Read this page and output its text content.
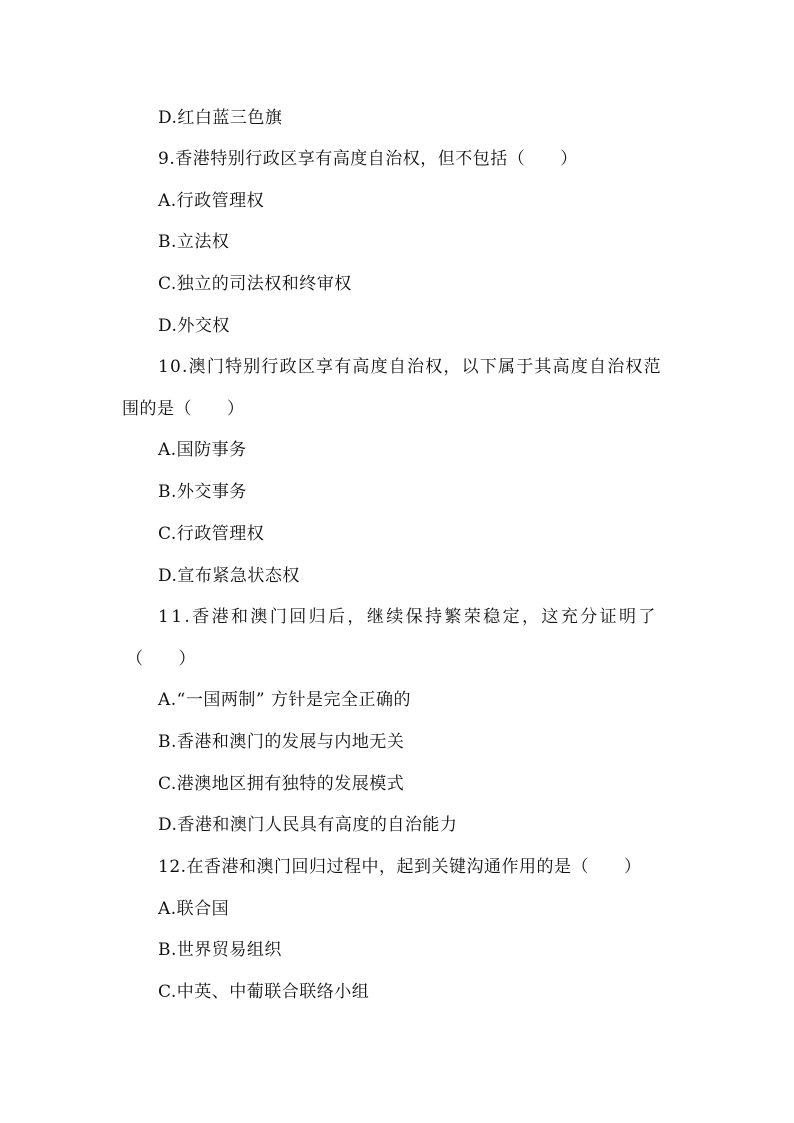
D.红白蓝三色旗
9.香港特别行政区享有高度自治权，但不包括（　　）
A.行政管理权
B.立法权
C.独立的司法权和终审权
D.外交权
10.澳门特别行政区享有高度自治权，以下属于其高度自治权范
围的是（　　）
A.国防事务
B.外交事务
C.行政管理权
D.宣布紧急状态权
11.香港和澳门回归后，继续保持繁荣稳定，这充分证明了
（　　）
A.“一国两制” 方针是完全正确的
B.香港和澳门的发展与内地无关
C.港澳地区拥有独特的发展模式
D.香港和澳门人民具有高度的自治能力
12.在香港和澳门回归过程中，起到关键沟通作用的是（　　）
A.联合国
B.世界贸易组织
C.中英、中葡联合联络小组
